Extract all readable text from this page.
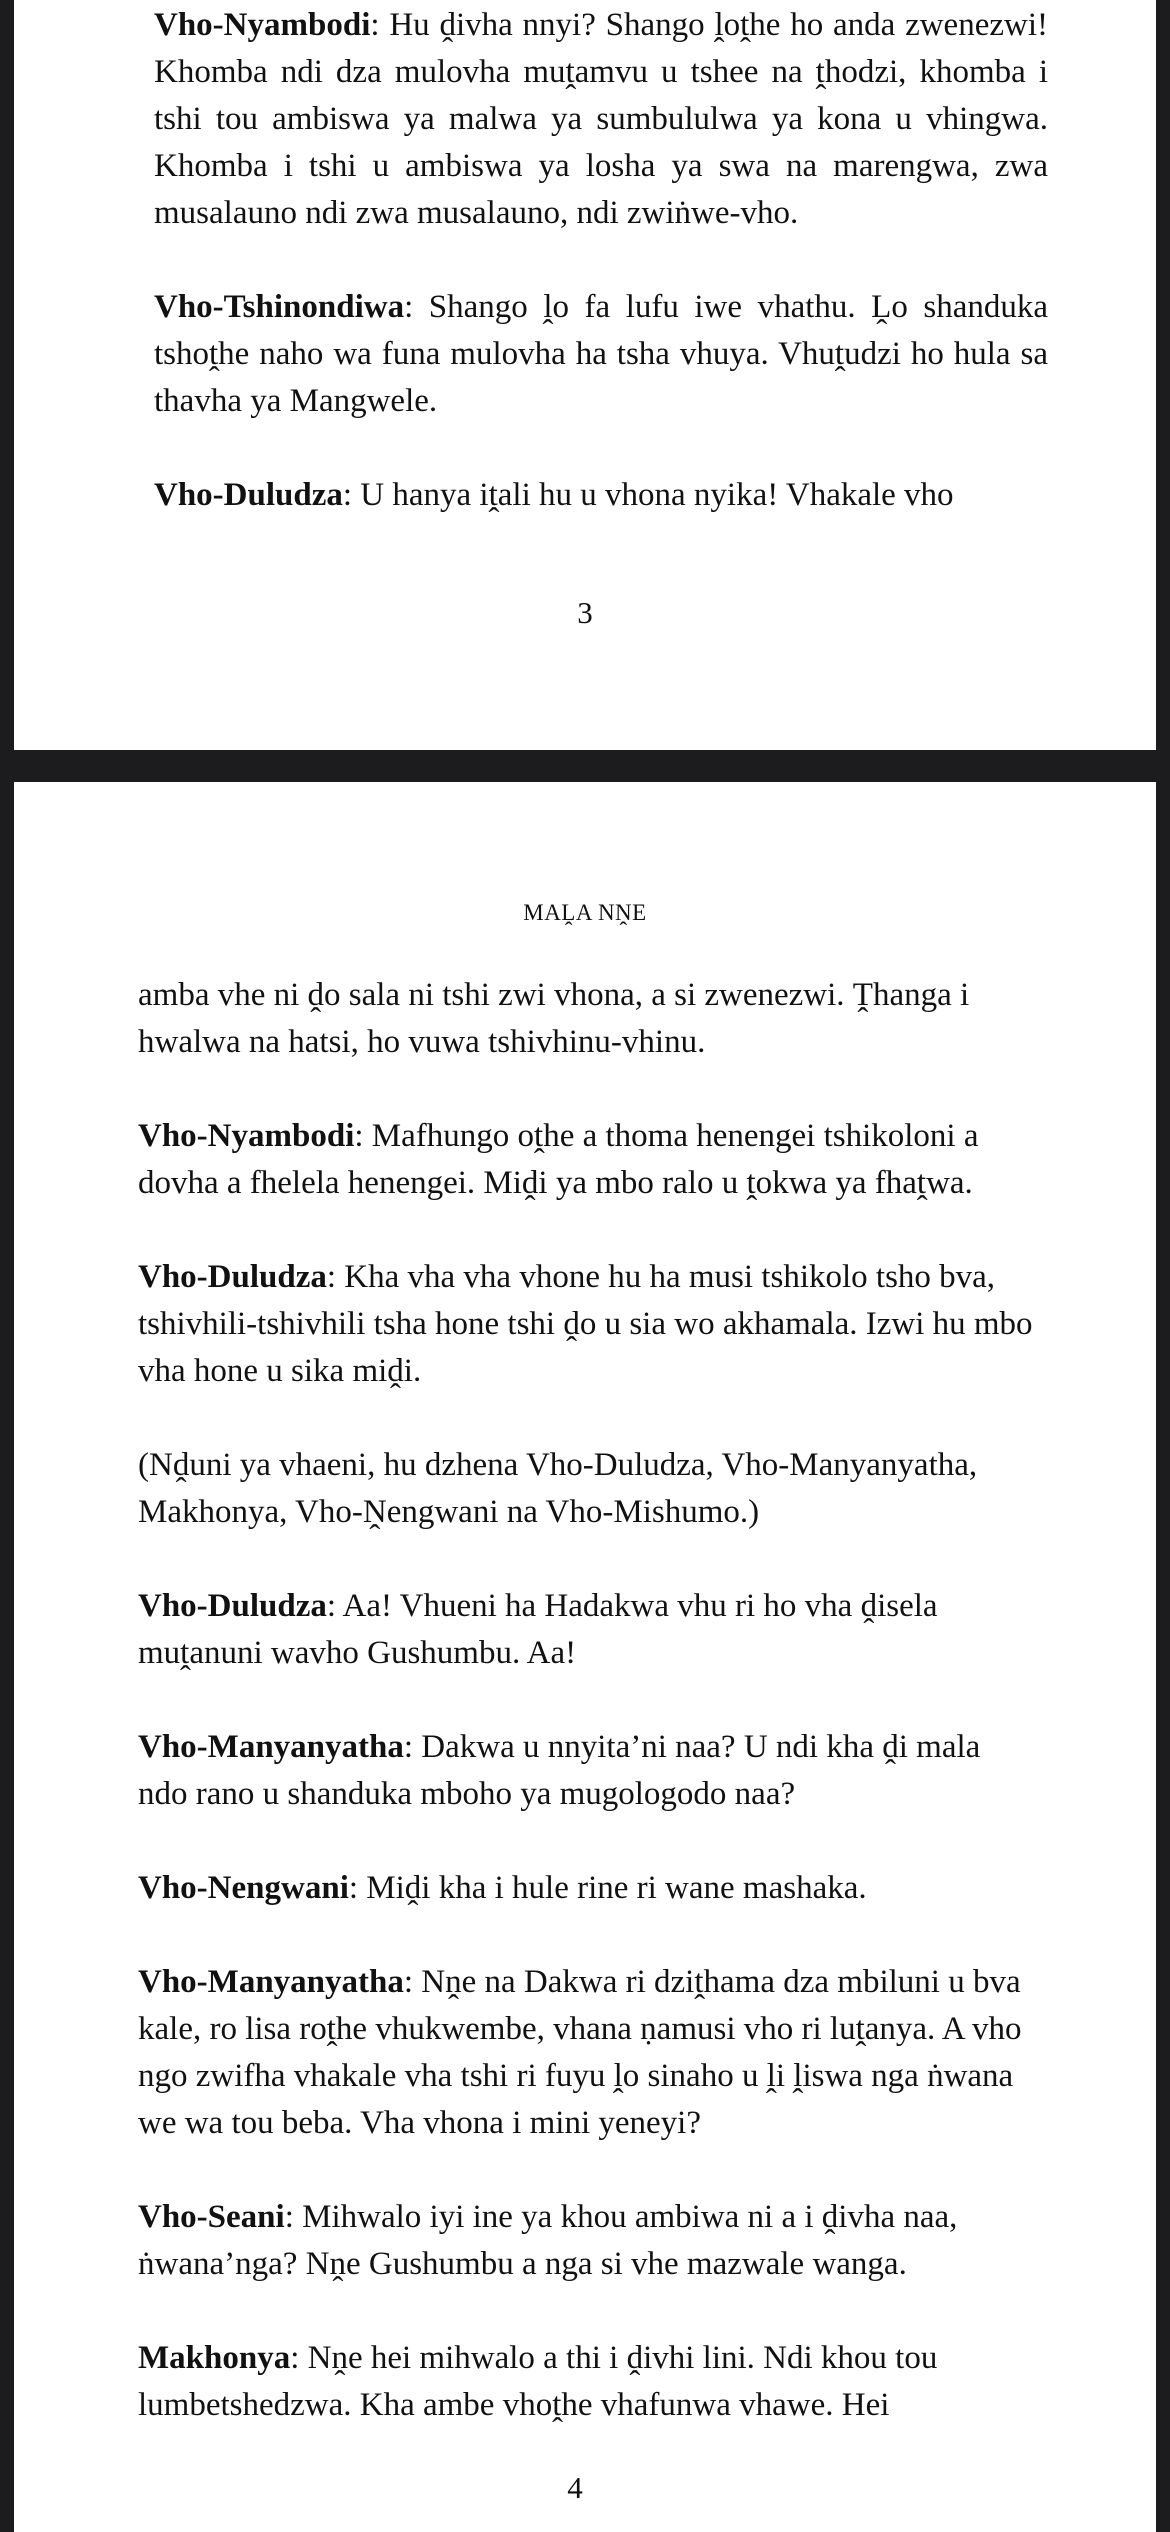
Vho-Nyambodi: Hu ḓivha nnyi? Shango ḽoṱhe ho anda zwenezwi! Khomba ndi dza mulovha muṱamvu u tshee na ṱhodzi, khomba i tshi tou ambiswa ya malwa ya sumbululwa ya kona u vhingwa. Khomba i tshi u ambiswa ya losha ya swa na marengwa, zwa musalauno ndi zwa musalauno, ndi zwiṅwe-vho.

Vho-Tshinondiwa: Shango ḽo fa lufu iwe vhathu. Ḽo shanduka tshoṱhe naho wa funa mulovha ha tsha vhuya. Vhuṱudzi ho hula sa thavha ya Mangwele.

Vho-Duludza: U hanya iṱali hu u vhona nyika! Vhakale vho

3
MAḼA NṊE

amba vhe ni ḓo sala ni tshi zwi vhona, a si zwenezwi. Ṱhanga i hwalwa na hatsi, ho vuwa tshivhinu-vhinu.

Vho-Nyambodi: Mafhungo oṱhe a thoma henengei tshikoloni a dovha a fhelela henengei. Miḓi ya mbo ralo u ṱokwa ya fhaṱwa.

Vho-Duludza: Kha vha vha vhone hu ha musi tshikolo tsho bva, tshivhili-tshivhili tsha hone tshi ḓo u sia wo akhamala. Izwi hu mbo vha hone u sika miḓi.

(Nḓuni ya vhaeni, hu dzhena Vho-Duludza, Vho-Manyanyatha, Makhonya, Vho-Ṋengwani na Vho-Mishumo.)

Vho-Duludza: Aa! Vhueni ha Hadakwa vhu ri ho vha ḓisela muṱanuni wavho Gushumbu. Aa!

Vho-Manyanyatha: Dakwa u nnyita’ni naa? U ndi kha ḓi mala ndo rano u shanduka mboho ya mugologodo naa?

Vho-Nengwani: Miḓi kha i hule rine ri wane mashaka.

Vho-Manyanyatha: Nṋe na Dakwa ri dziṱhama dza mbiluni u bva kale, ro lisa roṱhe vhukwembe, vhana ṇamusi vho ri luṱanya. A vho ngo zwifha vhakale vha tshi ri fuyu ḽo sinaho u ḽi ḽiswa nga ṅwana we wa tou beba. Vha vhona i mini yeneyi?

Vho-Seani: Mihwalo iyi ine ya khou ambiwa ni a i ḓivha naa, ṅwana’nga? Nṋe Gushumbu a nga si vhe mazwale wanga.

Makhonya: Nṋe hei mihwalo a thi i ḓivhi lini. Ndi khou tou lumbetshedzwa. Kha ambe vhoṱhe vhafunwa vhawe. Hei

4
